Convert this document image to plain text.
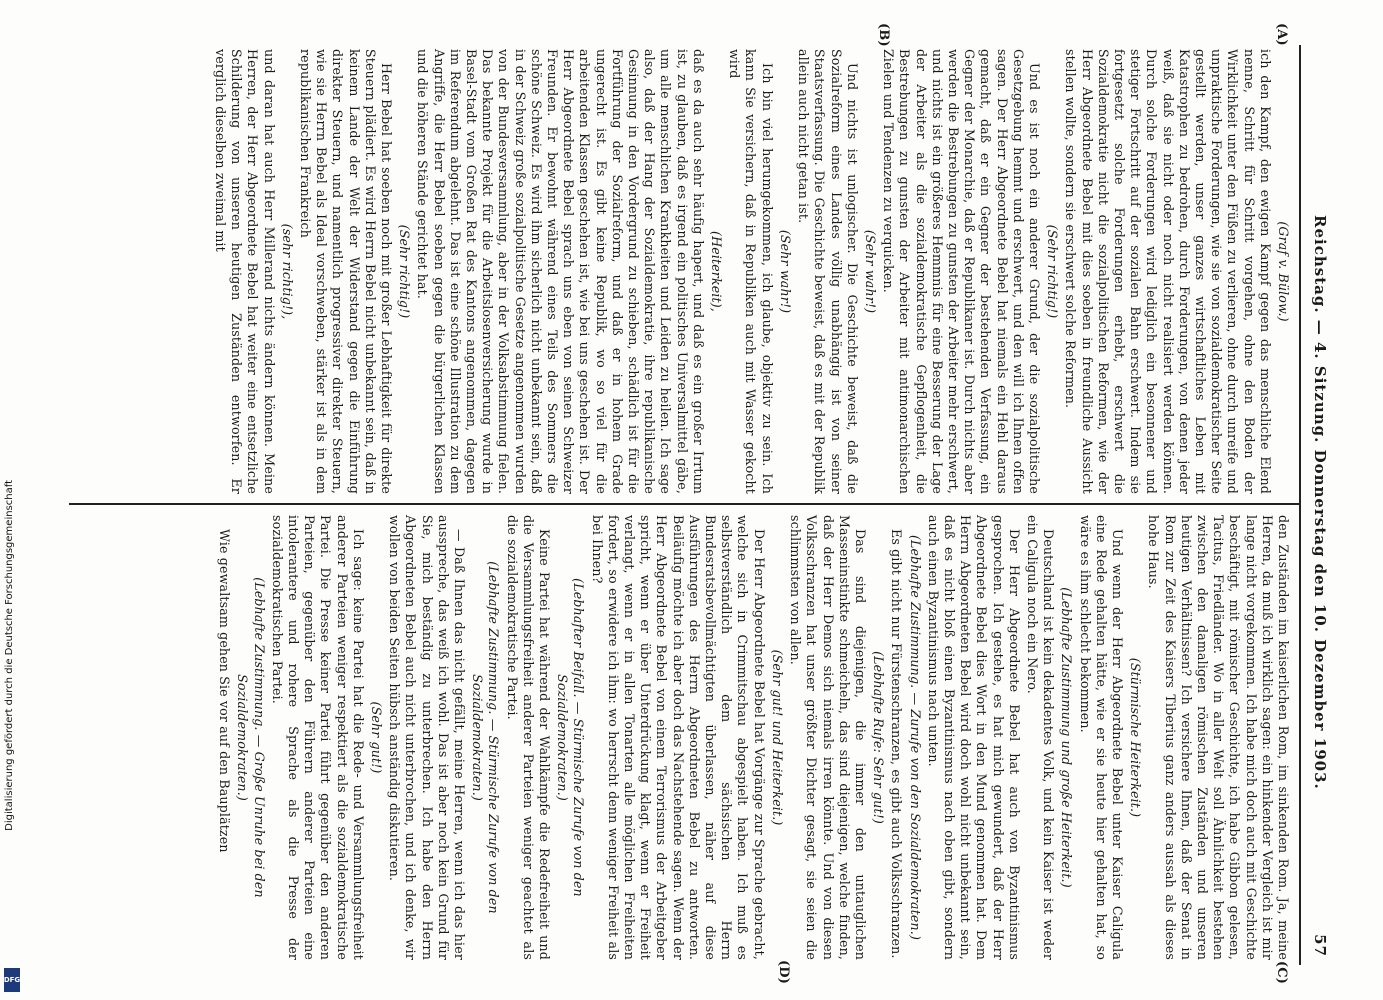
Reichstag. — 4. Sitzung. Donnerstag den 10. Dezember 1903.
57
(A)
(B)

(Graf v. Bülow.)

ich den Kampf, den ewigen Kampf gegen das menschliche Elend nenne, Schritt für Schritt vorgehen, ohne den Boden der Wirklichkeit unter den Füßen zu verlieren, ohne durch unreife und unpraktische Forderungen, wie sie von sozialdemokratischer Seite gestellt werden, unser ganzes wirtschaftliches Leben mit Katastrophen zu bedrohen, durch Forderungen, von denen jeder weiß, daß sie nicht oder noch nicht realisiert werden können. Durch solche Forderungen wird lediglich ein besonnener und stetiger Fortschritt auf der sozialen Bahn erschwert. Indem sie fortgesetzt solche Forderungen erhebt, erschwert die Sozialdemokratie nicht die sozialpolitischen Reformen, wie der Herr Abgeordnete Bebel mit dies soeben in freundliche Aussicht stellen wollte, sondern sie erschwert solche Reformen.

(Sehr richtig!)

Und es ist noch ein anderer Grund, der die sozialpolitische Gesetzgebung hemmt und erschwert, und den will ich Ihnen offen sagen. Der Herr Abgeordnete Bebel hat niemals ein Hehl daraus gemacht, daß er ein Gegner der bestehenden Verfassung, ein Gegner der Monarchie, daß er Republikaner ist. Durch nichts aber werden die Bestrebungen zu gunsten der Arbeiter mehr erschwert, und nichts ist ein größeres Hemmnis für eine Besserung der Lage der Arbeiter als die sozialdemokratische Gepflogenheit, die Bestrebungen zu gunsten der Arbeiter mit antimonarchischen Zielen und Tendenzen zu verquicken.

(Sehr wahr!)

Und nichts ist unlogischer. Die Geschichte beweist, daß die Sozialreform eines Landes völlig unabhängig ist von seiner Staatsverfassung. Die Geschichte beweist, daß es mit der Republik allein auch nicht getan ist.

(Sehr wahr!)

Ich bin viel herumgekommen, ich glaube, objektiv zu sein. Ich kann Sie versichern, daß in Republiken auch mit Wasser gekocht wird

(Heiterkeit),

daß es da auch sehr häufig hapert, und daß es ein großer Irrtum ist, zu glauben, daß es irgend ein politisches Universalmittel gäbe, um alle menschlichen Krankheiten und Leiden zu heilen. Ich sage also, daß der Hang der Sozialdemokratie, ihre republikanische Gesinnung in den Vordergrund zu schieben, schädlich ist für die Fortführung der Sozialreform, und daß er in hohem Grade ungerecht ist. Es gibt keine Republik, wo so viel für die arbeitenden Klassen geschehen ist, wie bei uns geschehen ist. Der Herr Abgeordnete Bebel sprach uns eben von seinen Schweizer Freunden. Er bewohnt während eines Teils des Sommers die schöne Schweiz. Es wird ihm sicherlich nicht unbekannt sein, daß in der Schweiz große sozialpolitische Gesetze angenommen wurden von der Bundesversammlung, aber in der Volksabstimmung fielen. Das bekannte Projekt für die Arbeitslosenversicherung wurde in Basel-Stadt vom Großen Rat des Kantons angenommen, dagegen im Referendum abgelehnt. Das ist eine schöne Illustration zu dem Angriffe, die Herr Bebel soeben gegen die bürgerlichen Klassen und die höheren Stände gerichtet hat.

(Sehr richtig!)

Herr Bebel hat soeben noch mit großer Lebhaftigkeit für direkte Steuern plädiert. Es wird Herrn Bebel nicht unbekannt sein, daß in keinem Lande der Welt der Widerstand gegen die Einführung direkter Steuern, und namentlich progressiver direkter Steuern, wie sie Herrn Bebel als Ideal vorschweben, stärker ist als in dem republikanischen Frankreich

(sehr richtig!),

und daran hat auch Herr Millerand nichts ändern können. Meine Herren, der Herr Abgeordnete Bebel hat weiter eine entsetzliche Schilderung von unseren heutigen Zuständen entworfen. Er verglich dieselben zweimal mit

(C)
(D)

den Zuständen im kaiserlichen Rom, im sinkenden Rom. Ja, meine Herren, da muß ich wirklich sagen: ein hinkender Vergleich ist mir lange nicht vorgekommen. Ich habe mich doch auch mit Geschichte beschäftigt, mit römischer Geschichte, ich habe Gibbon gelesen, Tacitus, Friedländer. Wo in aller Welt soll Ähnlichkeit bestehen zwischen den damaligen römischen Zuständen und unseren heutigen Verhältnissen? Ich versichere Ihnen, daß der Senat in Rom zur Zeit des Kaisers Tiberius ganz anders aussah als dieses hohe Haus.

(Stürmische Heiterkeit.)

Und wenn der Herr Abgeordnete Bebel unter Kaiser Caligula eine Rede gehalten hätte, wie er sie heute hier gehalten hat, so wäre es ihm schlecht bekommen.

(Lebhafte Zustimmung und große Heiterkeit.)

Deutschland ist kein dekadentes Volk, und kein Kaiser ist weder ein Caligula noch ein Nero.

Der Herr Abgeordnete Bebel hat auch von Byzantinismus gesprochen. Ich gestehe, es hat mich gewundert, daß der Herr Abgeordnete Bebel dies Wort in den Mund genommen hat. Dem Herrn Abgeordneten Bebel wird doch wohl nicht unbekannt sein, daß es nicht bloß einen Byzantinismus nach oben gibt, sondern auch einen Byzantinismus nach unten.

(Lebhafte Zustimmung. — Zurufe von den Sozialdemokraten.)

Es gibt nicht nur Fürstenschranzen, es gibt auch Volksschranzen.

(Lebhafte Rufe: Sehr gut!)

Das sind diejenigen, die immer den untauglichen Masseninstinkte schmeicheln, das sind diejenigen, welche finden, daß der Herr Demos sich niemals irren könnte. Und von diesen Volksschranzen hat unser größter Dichter gesagt, sie seien die schlimmsten von allen.

(Sehr gut! und Heiterkeit.)

Der Herr Abgeordnete Bebel hat Vorgänge zur Sprache gebracht, welche sich in Crimmitschau abgespielt haben. Ich muß es selbstverständlich dem sächsischen Herrn Bundesratsbevollmächtigten überlassen, näher auf diese Ausführungen des Herrn Abgeordneten Bebel zu antworten. Beiläufig möchte ich aber doch das Nachstehende sagen. Wenn der Herr Abgeordnete Bebel von einem Terrorismus der Arbeitgeber spricht, wenn er über Unterdrückung klagt, wenn er Freiheit verlangt, wenn er in allen Tonarten alle möglichen Freiheiten fordert, so erwidere ich ihm: wo herrscht denn weniger Freiheit als bei Ihnen?

(Lebhafter Beifall. — Stürmische Zurufe von den Sozialdemokraten.)

Keine Partei hat während der Wahlkämpfe die Redefreiheit und die Versammlungsfreiheit anderer Parteien weniger geachtet als die sozialdemokratische Partei.

(Lebhafte Zustimmung. — Stürmische Zurufe von den Sozialdemokraten.)

— Daß Ihnen das nicht gefällt, meine Herren, wenn ich das hier ausspreche, das weiß ich wohl. Das ist aber noch kein Grund für Sie, mich beständig zu unterbrechen. Ich habe den Herrn Abgeordneten Bebel auch nicht unterbrochen, und ich denke, wir wollen von beiden Seiten hübsch anständig diskutieren.

(Sehr gut!)

Ich sage: keine Partei hat die Rede- und Versammlungsfreiheit anderer Parteien weniger respektiert als die sozialdemokratische Partei. Die Presse keiner Partei führt gegenüber den anderen Parteien, gegenüber den Führern anderer Parteien eine intolerantere und rohere Sprache als die Presse der sozialdemokratischen Partei.

(Lebhafte Zustimmung. — Große Unruhe bei den Sozialdemokraten.)

Wie gewaltsam gehen Sie vor auf den Bauplätzen

Digitalisierung gefördert durch die Deutsche Forschungsgemeinschaft
DFG
